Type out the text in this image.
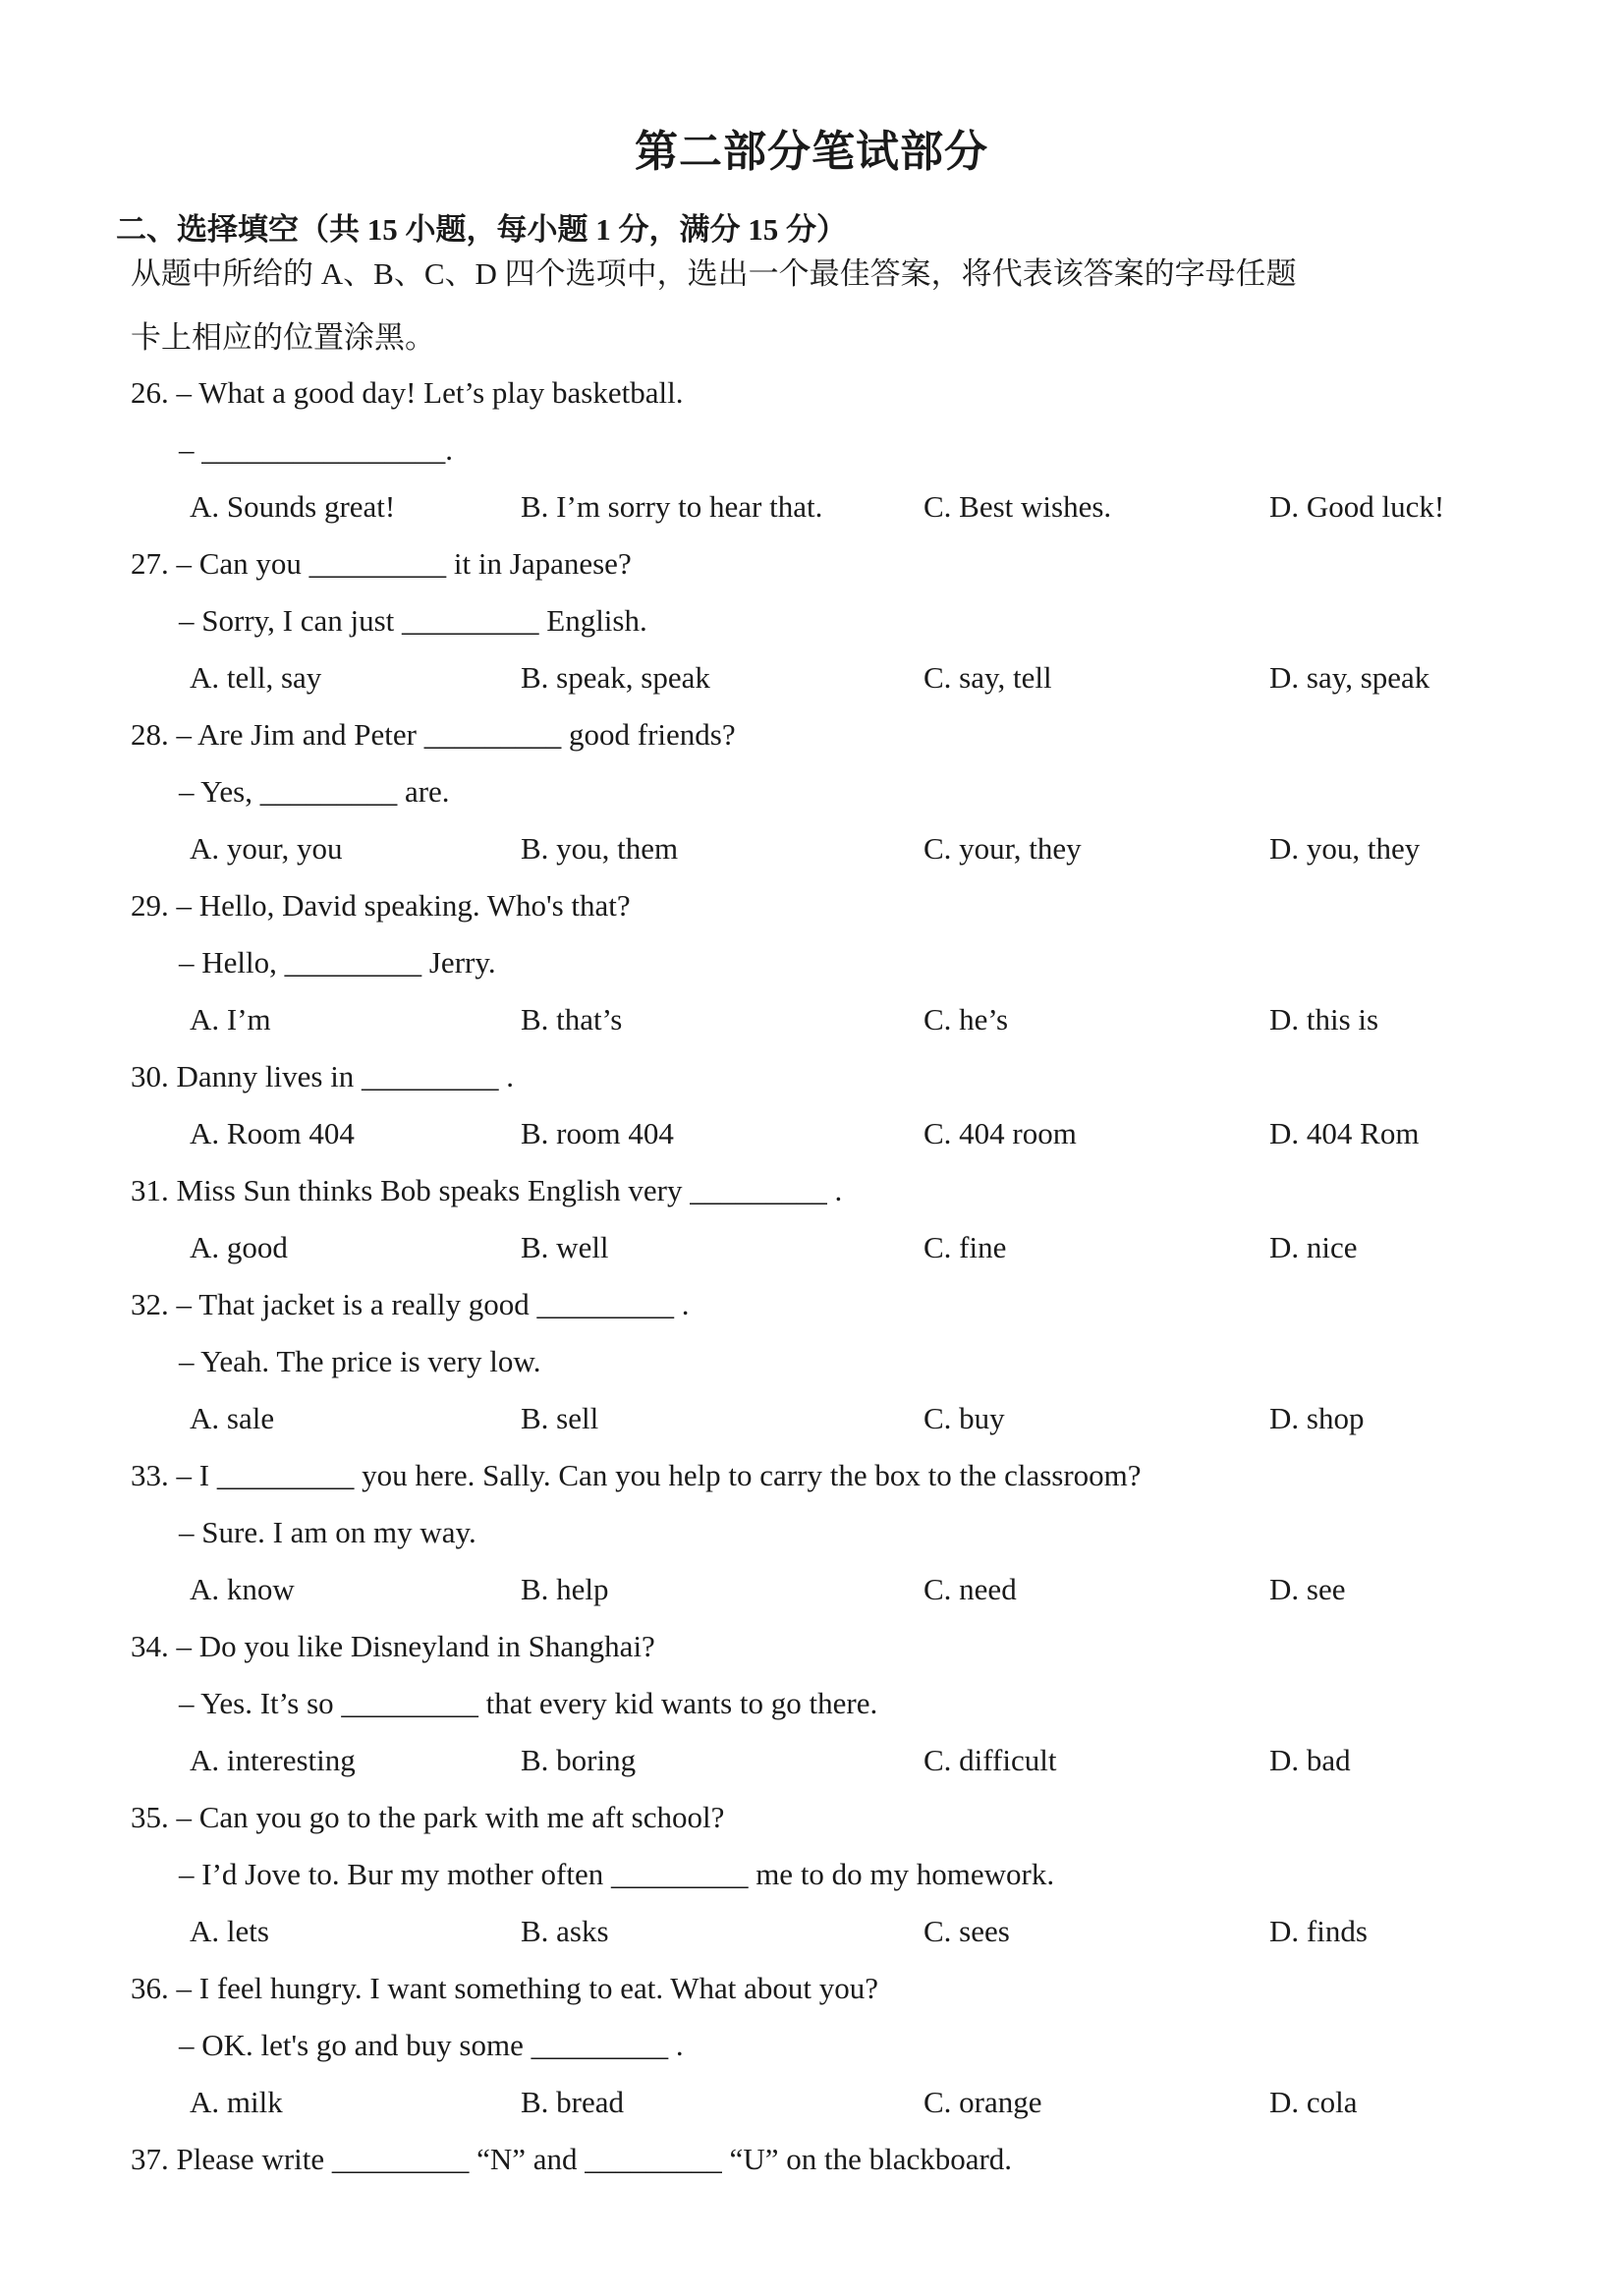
第二部分笔试部分
二、选择填空（共 15 小题，每小题 1 分，满分 15 分）
从题中所给的 A、B、C、D 四个选项中，选出一个最佳答案，将代表该答案的字母任题
卡上相应的位置涂黑。
26. – What a good day! Let’s play basketball.
– ________________.
A. Sounds great!	B. I’m sorry to hear that.	C. Best wishes.	D. Good luck!
27. – Can you _________ it in Japanese?
– Sorry, I can just _________ English.
A. tell, say	B. speak, speak	C. say, tell	D. say, speak
28. – Are Jim and Peter _________ good friends?
– Yes, _________ are.
A. your, you	B. you, them	C. your, they	D. you, they
29. – Hello, David speaking. Who's that?
– Hello, _________ Jerry.
A. I’m	B. that’s	C. he’s	D. this is
30. Danny lives in _________ .
A. Room 404	B. room 404	C. 404 room	D. 404 Rom
31. Miss Sun thinks Bob speaks English very _________ .
A. good	B. well	C. fine	D. nice
32. – That jacket is a really good _________ .
– Yeah. The price is very low.
A. sale	B. sell	C. buy	D. shop
33. – I _________ you here. Sally. Can you help to carry the box to the classroom?
– Sure. I am on my way.
A. know	B. help	C. need	D. see
34. – Do you like Disneyland in Shanghai?
– Yes. It’s so _________ that every kid wants to go there.
A. interesting	B. boring	C. difficult	D. bad
35. – Can you go to the park with me aft school?
– I’d Jove to. Bur my mother often _________ me to do my homework.
A. lets	B. asks	C. sees	D. finds
36. – I feel hungry. I want something to eat. What about you?
– OK. let's go and buy some _________ .
A. milk	B. bread	C. orange	D. cola
37. Please write _________ “N” and _________ “U” on the blackboard.
